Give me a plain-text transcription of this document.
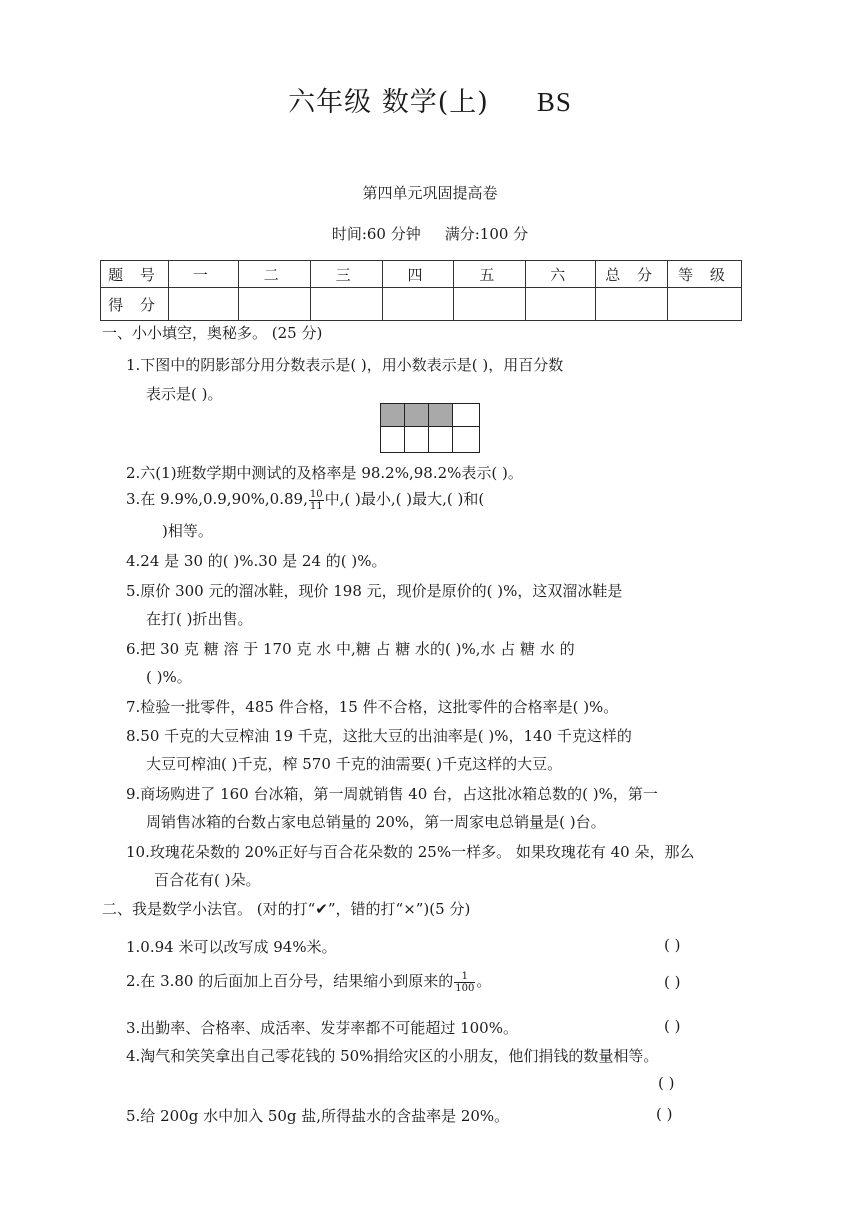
六年级 数学(上) BS
第四单元巩固提高卷
时间:60 分钟 满分:100 分
题 号	一	二	三	四	五	六	总 分	等 级
得 分								
一、小小填空，奥秘多。 (25 分)
1.下图中的阴影部分用分数表示是( )，用小数表示是( )，用百分数
表示是( )。
2.六(1)班数学期中测试的及格率是 98.2%,98.2%表示( )。
3.在 9.9%,0.9,90%,0.89, $\frac{10}{11}$ 中,( )最小,( )最大,( )和(
)相等。
4.24 是 30 的( )%.30 是 24 的( )%。
5.原价 300 元的溜冰鞋，现价 198 元，现价是原价的( )%，这双溜冰鞋是
在打( )折出售。
6.把 30 克 糖 溶 于 170 克 水 中,糖 占 糖 水的( )%,水 占 糖 水 的
( )%。
7.检验一批零件，485 件合格，15 件不合格，这批零件的合格率是( )%。
8.50 千克的大豆榨油 19 千克，这批大豆的出油率是( )%，140 千克这样的
大豆可榨油( )千克，榨 570 千克的油需要( )千克这样的大豆。
9.商场购进了 160 台冰箱，第一周就销售 40 台，占这批冰箱总数的( )%，第一
周销售冰箱的台数占家电总销量的 20%，第一周家电总销量是( )台。
10.玫瑰花朵数的 20%正好与百合花朵数的 25%一样多。 如果玫瑰花有 40 朵，那么
百合花有( )朵。
二、我是数学小法官。 (对的打“✔”，错的打“×”)(5 分)
1.0.94 米可以改写成 94%米。	( )
2.在 3.80 的后面加上百分号，结果缩小到原来的 $\frac{1}{100}$ 。	( )
3.出勤率、合格率、成活率、发芽率都不可能超过 100%。	( )
4.淘气和笑笑拿出自己零花钱的 50%捐给灾区的小朋友，他们捐钱的数量相等。
( )
5.给 200g 水中加入 50g 盐,所得盐水的含盐率是 20%。	( )
